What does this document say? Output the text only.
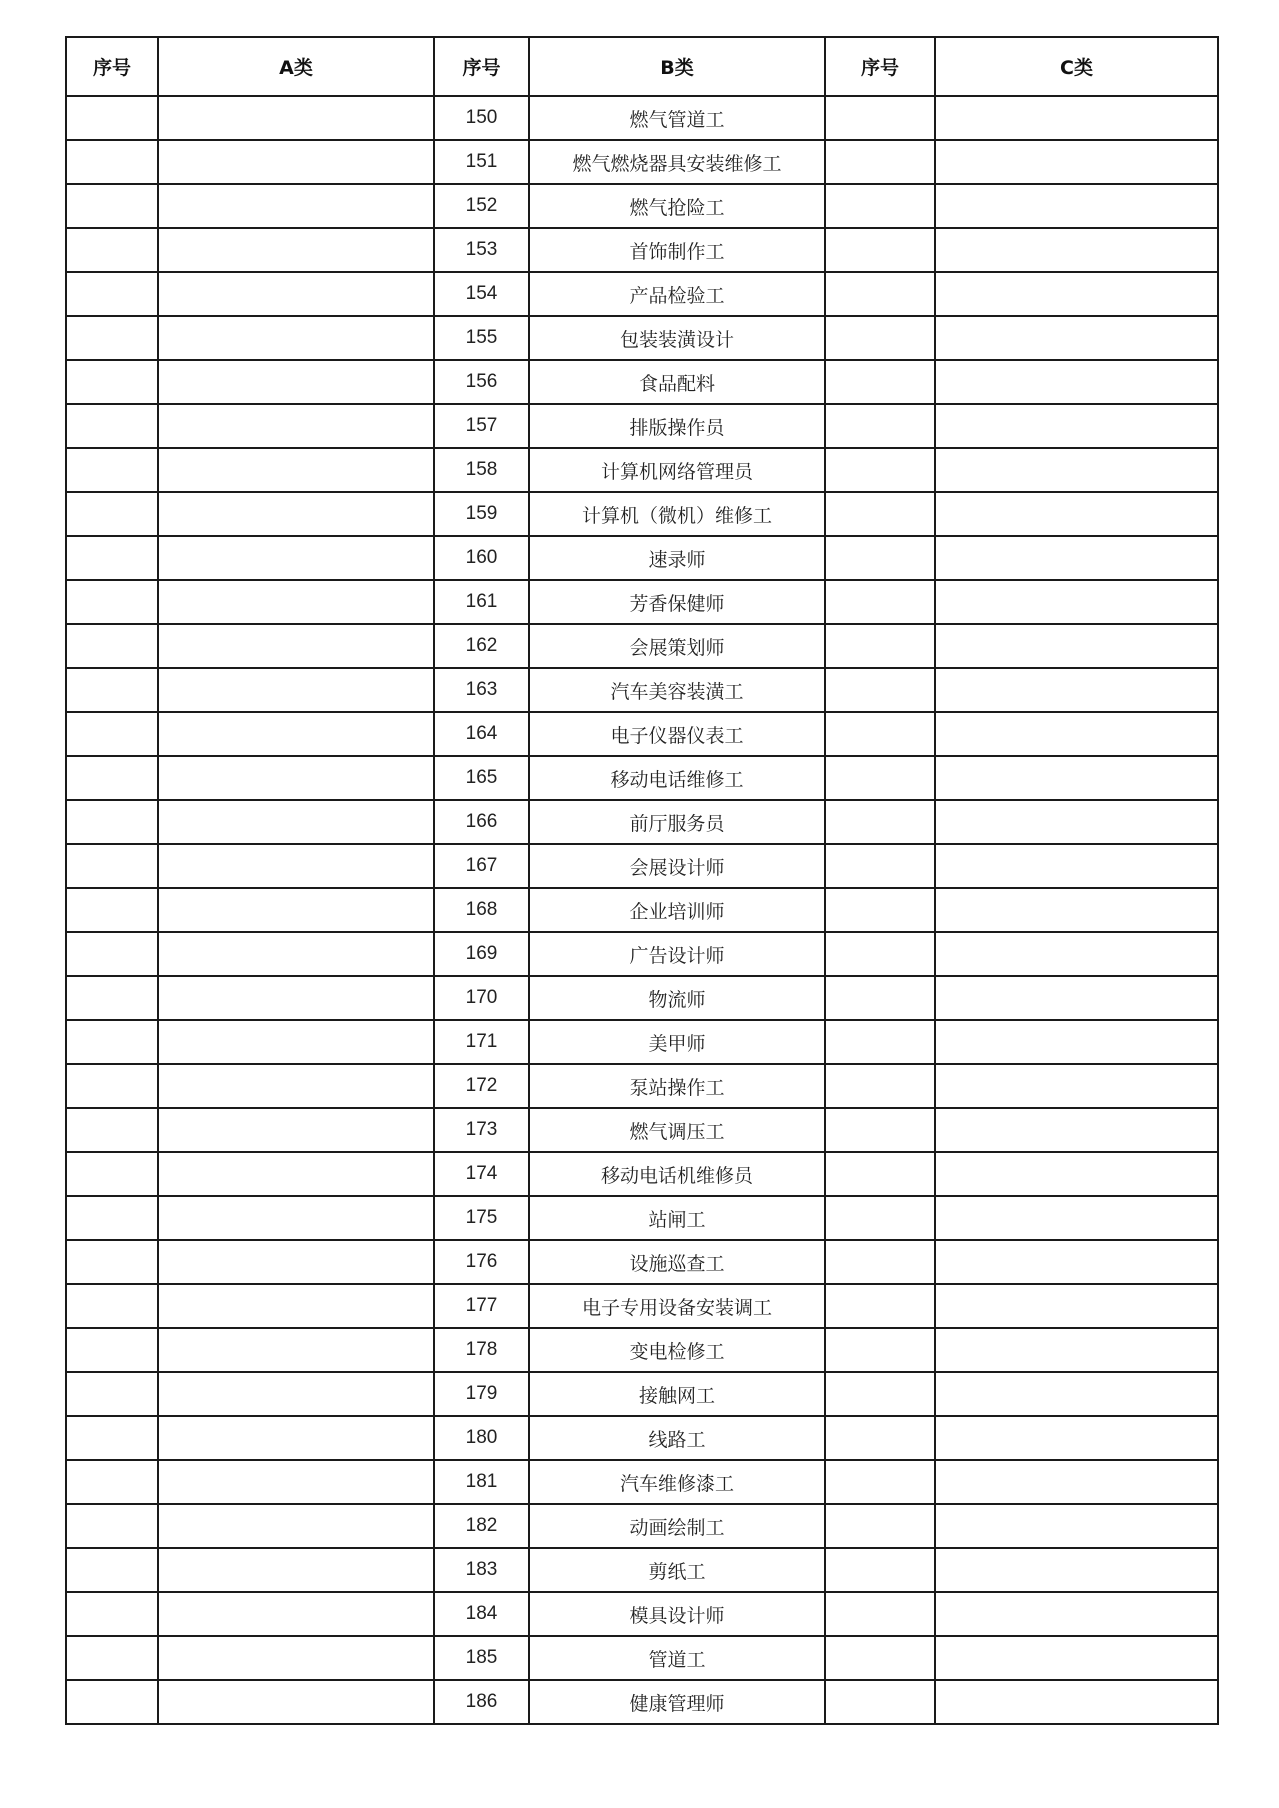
序号	A类	序号	B类	序号	C类
		150	燃气管道工		
		151	燃气燃烧器具安装维修工		
		152	燃气抢险工		
		153	首饰制作工		
		154	产品检验工		
		155	包装装潢设计		
		156	食品配料		
		157	排版操作员		
		158	计算机网络管理员		
		159	计算机（微机）维修工		
		160	速录师		
		161	芳香保健师		
		162	会展策划师		
		163	汽车美容装潢工		
		164	电子仪器仪表工		
		165	移动电话维修工		
		166	前厅服务员		
		167	会展设计师		
		168	企业培训师		
		169	广告设计师		
		170	物流师		
		171	美甲师		
		172	泵站操作工		
		173	燃气调压工		
		174	移动电话机维修员		
		175	站闸工		
		176	设施巡查工		
		177	电子专用设备安装调工		
		178	变电检修工		
		179	接触网工		
		180	线路工		
		181	汽车维修漆工		
		182	动画绘制工		
		183	剪纸工		
		184	模具设计师		
		185	管道工		
		186	健康管理师		
